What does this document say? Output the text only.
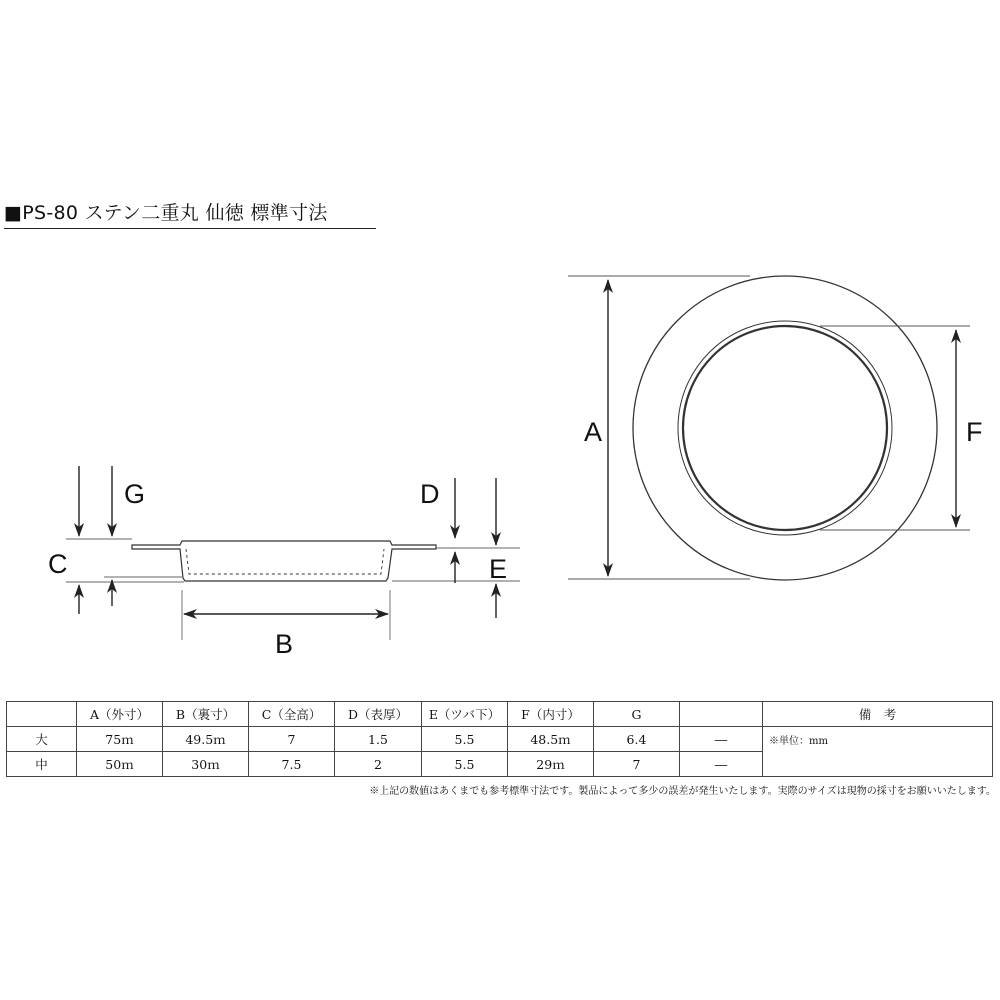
■PS-80 ステン二重丸 仙徳 標準寸法
A	F
C
G	D
E
B
	A（外寸）	B（裏寸）	C（全高）	D（表厚）	E（ツバ下）	F（内寸）	G		備　考
大	75ｍ	49.5ｍ	7	1.5	5.5	48.5ｍ	6.4	―	※単位：mm
中	50ｍ	30ｍ	7.5	2	5.5	29ｍ	7	―	
※上記の数値はあくまでも参考標準寸法です。製品によって多少の誤差が発生いたします。実際のサイズは現物の採寸をお願いいたします。
